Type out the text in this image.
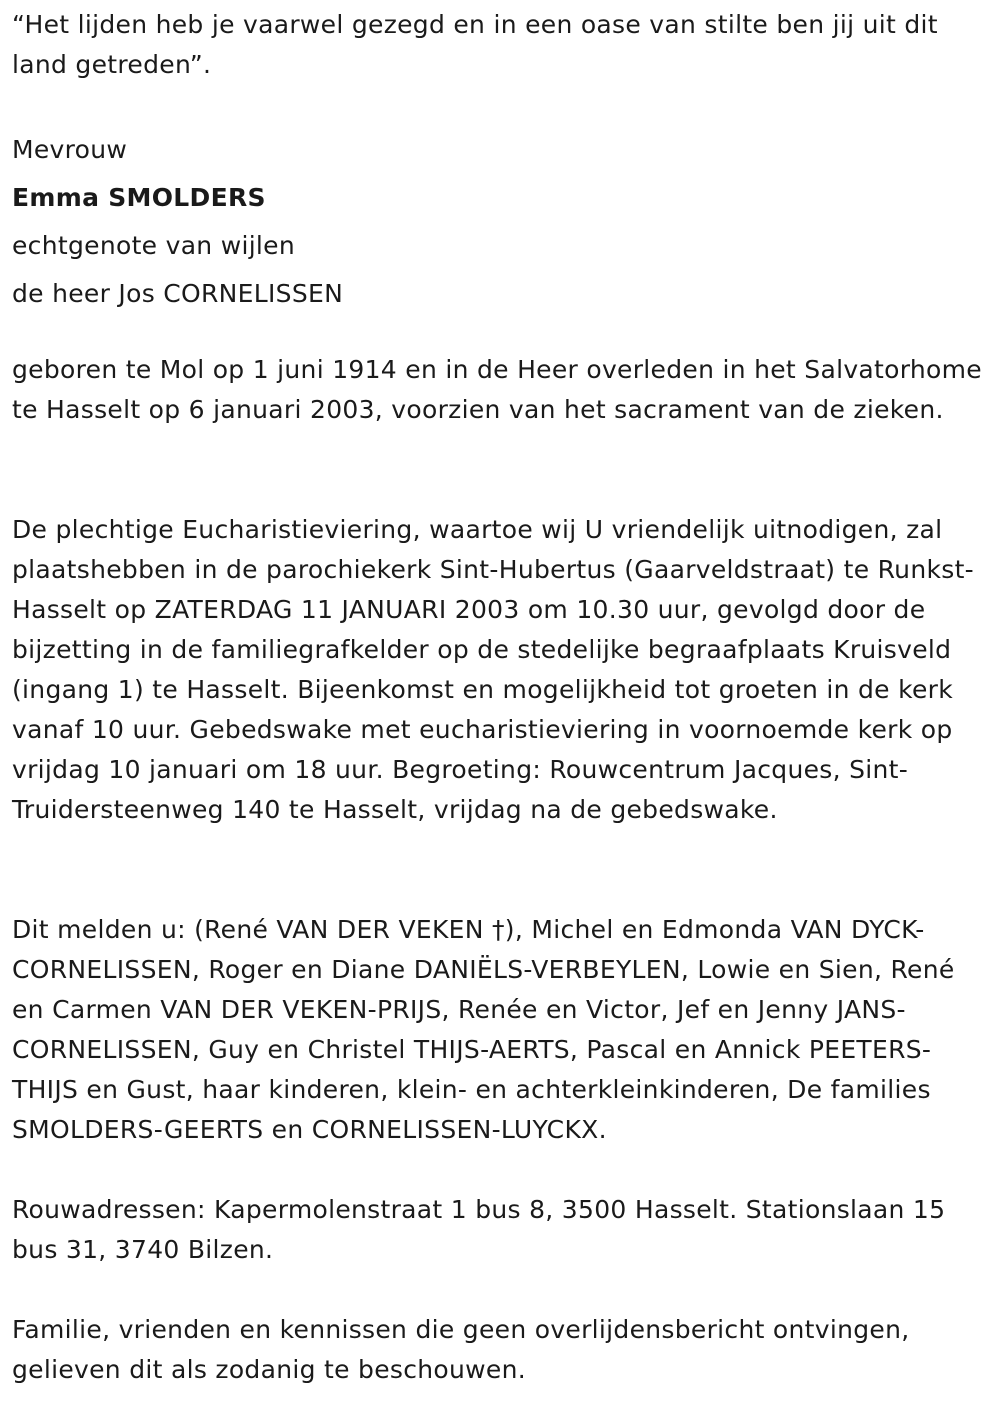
“Het lijden heb je vaarwel gezegd en in een oase van stilte ben jij uit dit land getreden”.

Mevrouw

Emma SMOLDERS

echtgenote van wijlen

de heer Jos CORNELISSEN

geboren te Mol op 1 juni 1914 en in de Heer overleden in het Salvatorhome te Hasselt op 6 januari 2003, voorzien van het sacrament van de zieken.

De plechtige Eucharistieviering, waartoe wij U vriendelijk uitnodigen, zal plaatshebben in de parochiekerk Sint-Hubertus (Gaarveldstraat) te Runkst-Hasselt op ZATERDAG 11 JANUARI 2003 om 10.30 uur, gevolgd door de bijzetting in de familiegrafkelder op de stedelijke begraafplaats Kruisveld (ingang 1) te Hasselt. Bijeenkomst en mogelijkheid tot groeten in de kerk vanaf 10 uur. Gebedswake met eucharistieviering in voornoemde kerk op vrijdag 10 januari om 18 uur. Begroeting: Rouwcentrum Jacques, Sint-Truidersteenweg 140 te Hasselt, vrijdag na de gebedswake.

Dit melden u: (René VAN DER VEKEN †), Michel en Edmonda VAN DYCK-CORNELISSEN, Roger en Diane DANIËLS-VERBEYLEN, Lowie en Sien, René en Carmen VAN DER VEKEN-PRIJS, Renée en Victor, Jef en Jenny JANS-CORNELISSEN, Guy en Christel THIJS-AERTS, Pascal en Annick PEETERS-THIJS en Gust, haar kinderen, klein- en achterkleinkinderen, De families SMOLDERS-GEERTS en CORNELISSEN-LUYCKX.

Rouwadressen: Kapermolenstraat 1 bus 8, 3500 Hasselt. Stationslaan 15 bus 31, 3740 Bilzen.

Familie, vrienden en kennissen die geen overlijdensbericht ontvingen, gelieven dit als zodanig te beschouwen.
